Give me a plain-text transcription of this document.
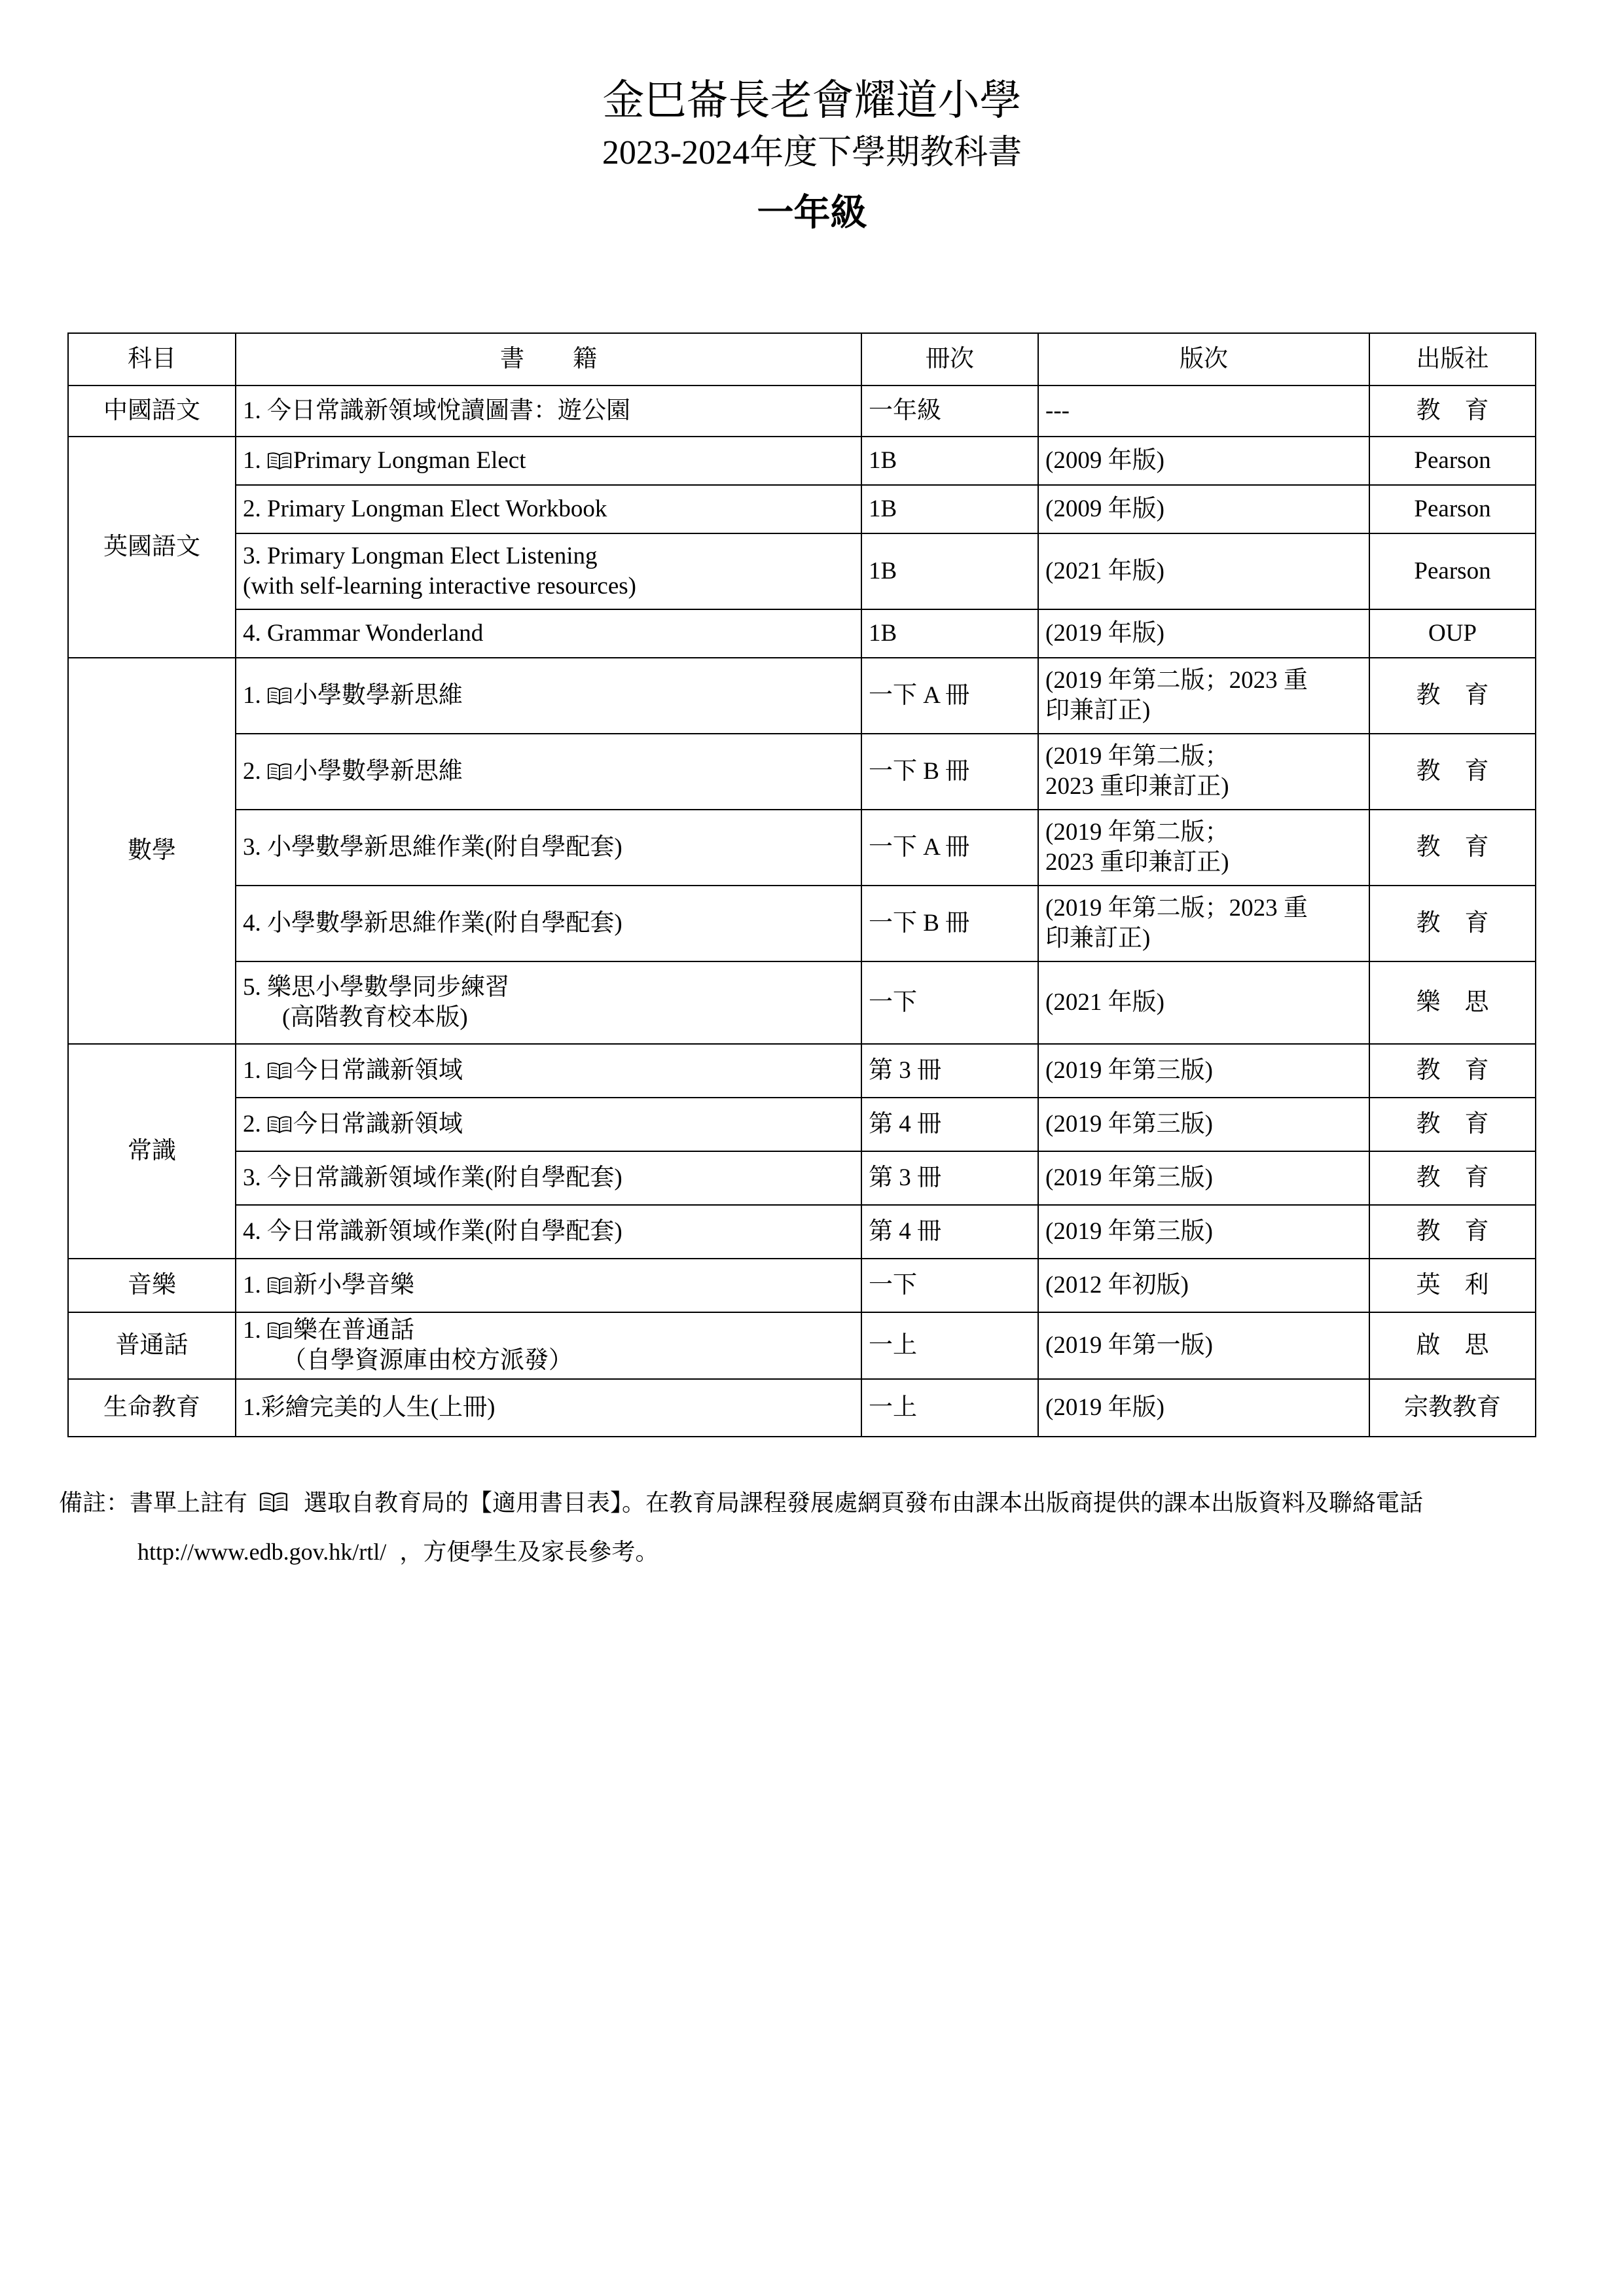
金巴崙長老會耀道小學
2023-2024年度下學期教科書
一年級
科目	書　　籍	冊次	版次	出版社
中國語文	1. 今日常識新領域悅讀圖書：遊公園	一年級	---	教　育
英國語文	1. Primary Longman Elect	1B	(2009 年版)	Pearson

	2. Primary Longman Elect Workbook	1B	(2009 年版)	Pearson

	3. Primary Longman Elect Listening
(with self-learning interactive resources)	1B	(2021 年版)	Pearson

	4. Grammar Wonderland	1B	(2019 年版)	OUP
數學	1. 小學數學新思維	一下 A 冊	(2019 年第二版；2023 重
印兼訂正)	教　育

	2. 小學數學新思維	一下 B 冊	(2019 年第二版；
2023 重印兼訂正)	教　育

	3. 小學數學新思維作業(附自學配套)	一下 A 冊	(2019 年第二版；
2023 重印兼訂正)	教　育

	4. 小學數學新思維作業(附自學配套)	一下 B 冊	(2019 年第二版；2023 重
印兼訂正)	教　育

	5. 樂思小學數學同步練習
(高階教育校本版)	一下	(2021 年版)	樂　思
常識	1. 今日常識新領域	第 3 冊	(2019 年第三版)	教　育

	2. 今日常識新領域	第 4 冊	(2019 年第三版)	教　育

	3. 今日常識新領域作業(附自學配套)	第 3 冊	(2019 年第三版)	教　育

	4. 今日常識新領域作業(附自學配套)	第 4 冊	(2019 年第三版)	教　育
音樂	1. 新小學音樂	一下	(2012 年初版)	英　利
普通話	1. 樂在普通話
（自學資源庫由校方派發）	一上	(2019 年第一版)	啟　思
生命教育	1.彩繪完美的人生(上冊)	一上	(2019 年版)	宗教教育
備註：書單上註有 選取自教育局的【適用書目表】。在教育局課程發展處網頁發布由課本出版商提供的課本出版資料及聯絡電話
http://www.edb.gov.hk/rtl/ ，方便學生及家長參考。
